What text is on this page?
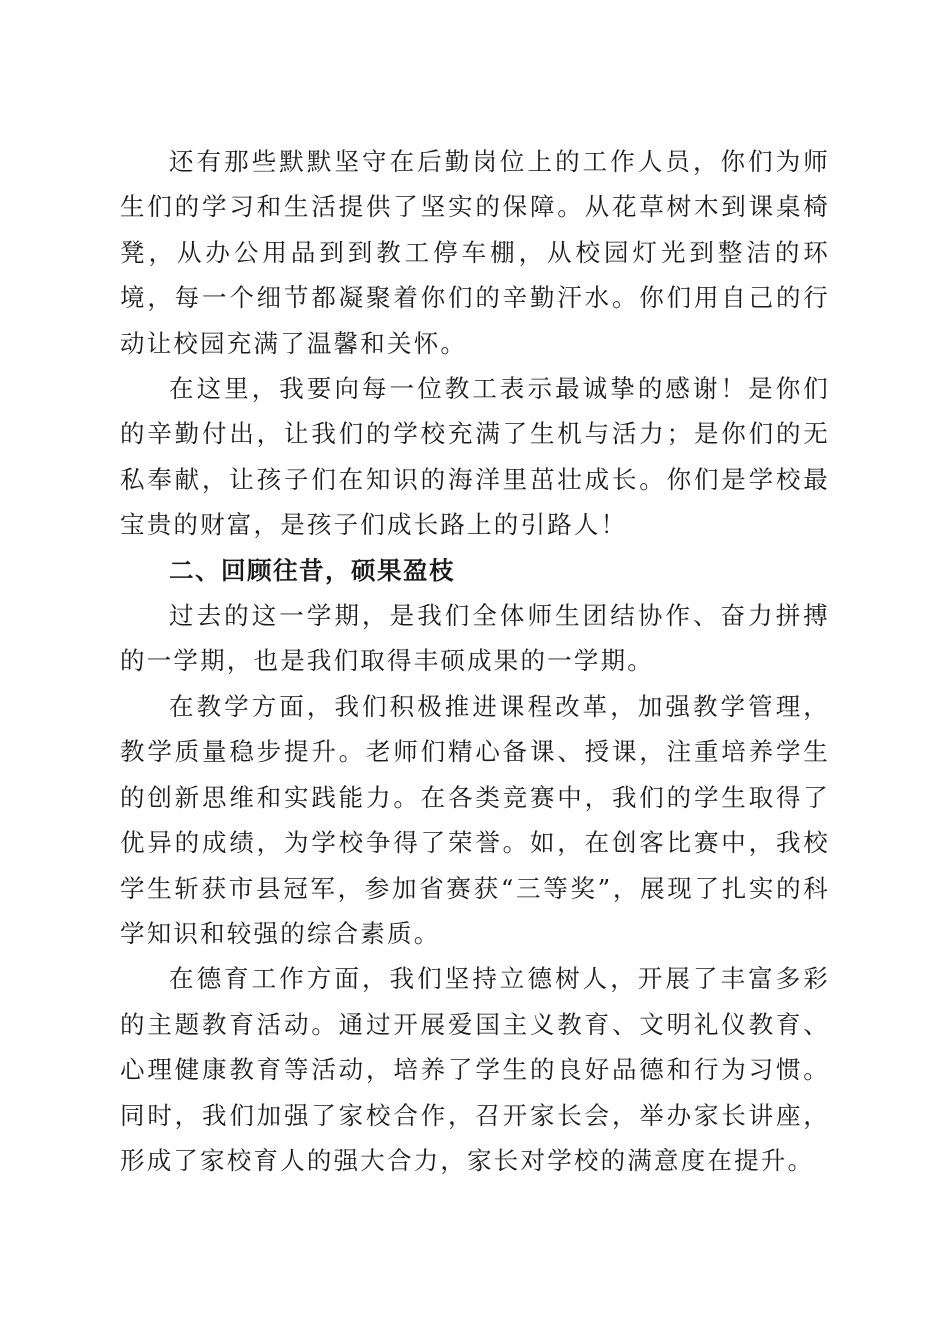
还有那些默默坚守在后勤岗位上的工作人员，你们为师生们的学习和生活提供了坚实的保障。从花草树木到课桌椅凳，从办公用品到到教工停车棚，从校园灯光到整洁的环境，每一个细节都凝聚着你们的辛勤汗水。你们用自己的行动让校园充满了温馨和关怀。

在这里，我要向每一位教工表示最诚挚的感谢！是你们的辛勤付出，让我们的学校充满了生机与活力；是你们的无私奉献，让孩子们在知识的海洋里茁壮成长。你们是学校最宝贵的财富，是孩子们成长路上的引路人！

二、回顾往昔，硕果盈枝

过去的这一学期，是我们全体师生团结协作、奋力拼搏的一学期，也是我们取得丰硕成果的一学期。

在教学方面，我们积极推进课程改革，加强教学管理，教学质量稳步提升。老师们精心备课、授课，注重培养学生的创新思维和实践能力。在各类竞赛中，我们的学生取得了优异的成绩，为学校争得了荣誉。如，在创客比赛中，我校学生斩获市县冠军，参加省赛获“三等奖”，展现了扎实的科学知识和较强的综合素质。

在德育工作方面，我们坚持立德树人，开展了丰富多彩的主题教育活动。通过开展爱国主义教育、文明礼仪教育、心理健康教育等活动，培养了学生的良好品德和行为习惯。同时，我们加强了家校合作，召开家长会，举办家长讲座，形成了家校育人的强大合力，家长对学校的满意度在提升。
